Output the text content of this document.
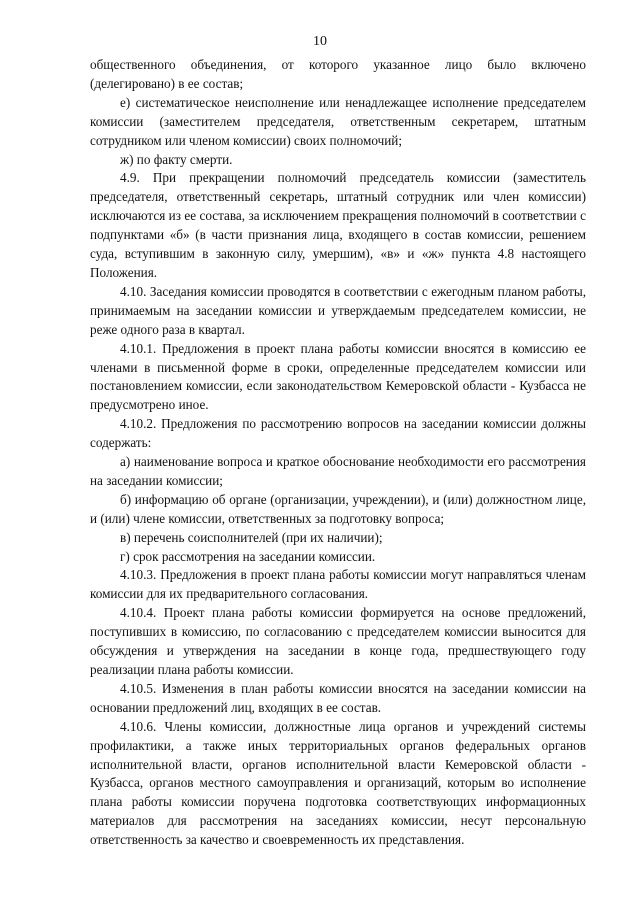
10

общественного объединения, от которого указанное лицо было включено (делегировано) в ее состав;

е) систематическое неисполнение или ненадлежащее исполнение председателем комиссии (заместителем председателя, ответственным секретарем, штатным сотрудником или членом комиссии) своих полномочий;

ж) по факту смерти.

4.9. При прекращении полномочий председатель комиссии (заместитель председателя, ответственный секретарь, штатный сотрудник или член комиссии) исключаются из ее состава, за исключением прекращения полномочий в соответствии с подпунктами «б» (в части признания лица, входящего в состав комиссии, решением суда, вступившим в законную силу, умершим), «в» и «ж» пункта 4.8 настоящего Положения.

4.10. Заседания комиссии проводятся в соответствии с ежегодным планом работы, принимаемым на заседании комиссии и утверждаемым председателем комиссии, не реже одного раза в квартал.

4.10.1. Предложения в проект плана работы комиссии вносятся в комиссию ее членами в письменной форме в сроки, определенные председателем комиссии или постановлением комиссии, если законодательством Кемеровской области - Кузбасса не предусмотрено иное.

4.10.2. Предложения по рассмотрению вопросов на заседании комиссии должны содержать:

а) наименование вопроса и краткое обоснование необходимости его рассмотрения на заседании комиссии;

б) информацию об органе (организации, учреждении), и (или) должностном лице, и (или) члене комиссии, ответственных за подготовку вопроса;

в) перечень соисполнителей (при их наличии);

г) срок рассмотрения на заседании комиссии.

4.10.3. Предложения в проект плана работы комиссии могут направляться членам комиссии для их предварительного согласования.

4.10.4. Проект плана работы комиссии формируется на основе предложений, поступивших в комиссию, по согласованию с председателем комиссии выносится для обсуждения и утверждения на заседании в конце года, предшествующего году реализации плана работы комиссии.

4.10.5. Изменения в план работы комиссии вносятся на заседании комиссии на основании предложений лиц, входящих в ее состав.

4.10.6. Члены комиссии, должностные лица органов и учреждений системы профилактики, а также иных территориальных органов федеральных органов исполнительной власти, органов исполнительной власти Кемеровской области - Кузбасса, органов местного самоуправления и организаций, которым во исполнение плана работы комиссии поручена подготовка соответствующих информационных материалов для рассмотрения на заседаниях комиссии, несут персональную ответственность за качество и своевременность их представления.
